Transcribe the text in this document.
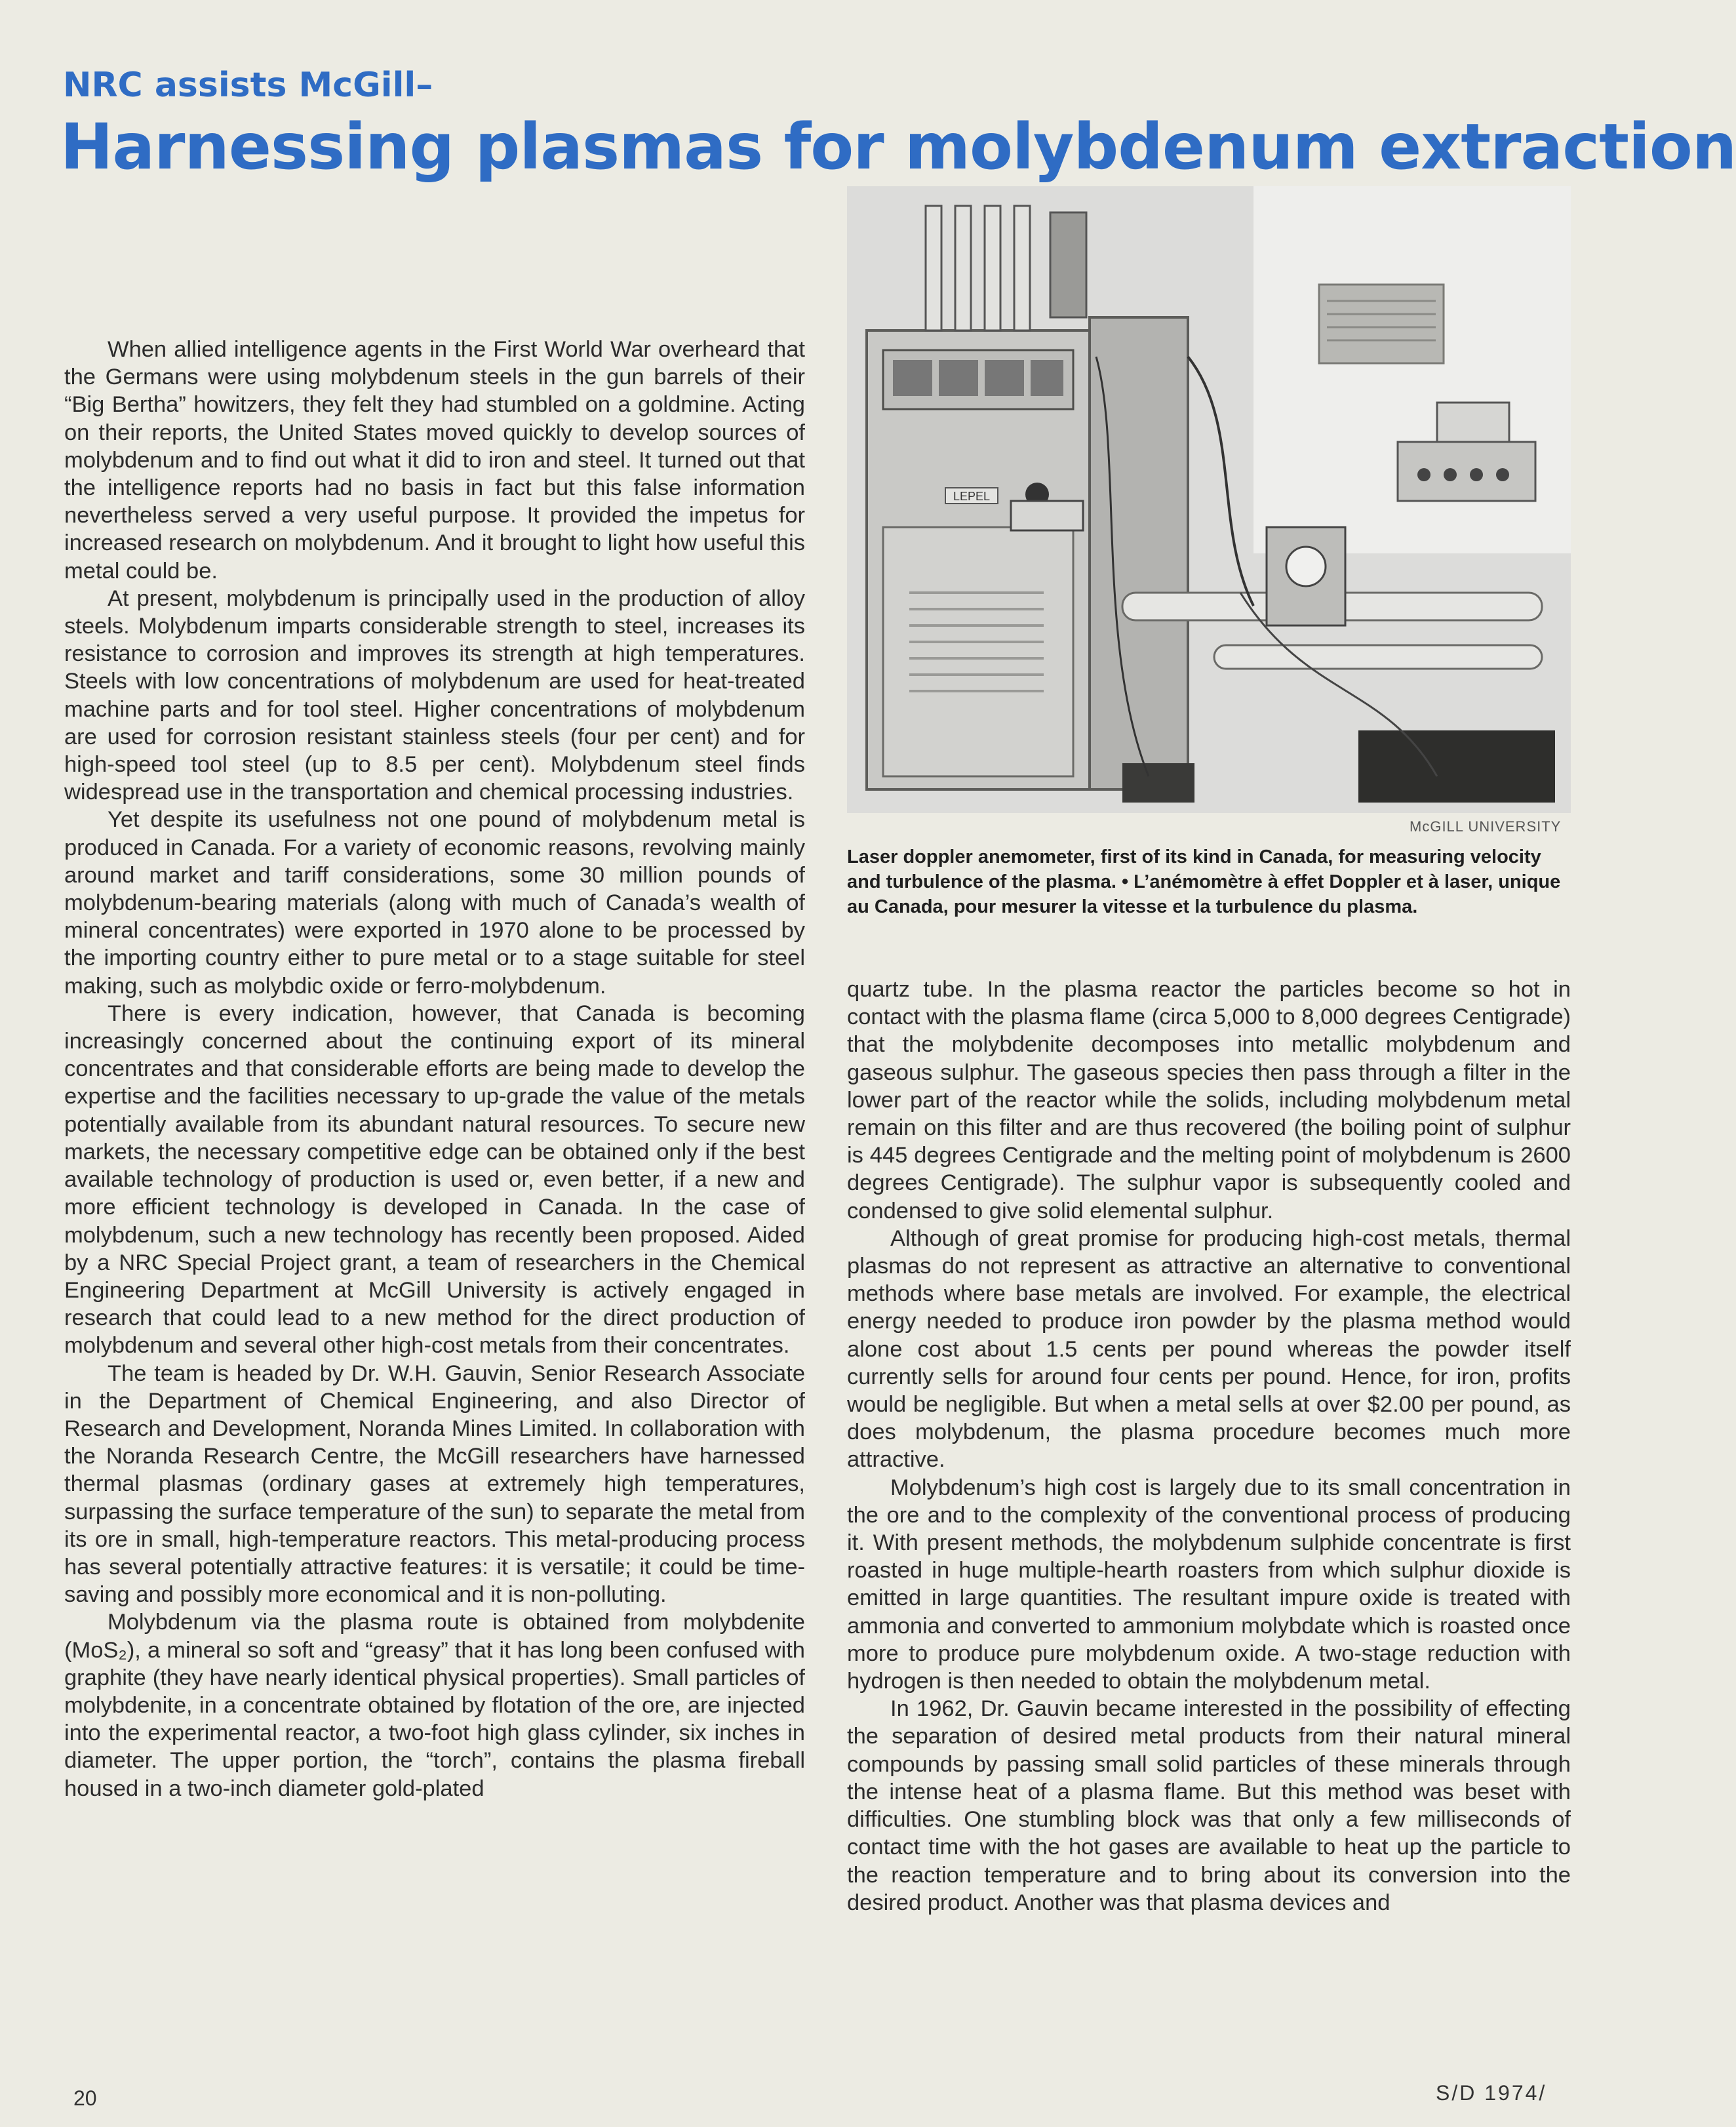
NRC assists McGill–
Harnessing plasmas for molybdenum extraction
LEPEL
McGILL UNIVERSITY
Laser doppler anemometer, first of its kind in Canada, for measuring velocity and turbulence of the plasma. • L’anémomètre à effet Doppler et à laser, unique au Canada, pour mesurer la vitesse et la turbulence du plasma.

When allied intelligence agents in the First World War overheard that the Germans were using molybdenum steels in the gun barrels of their “Big Bertha” howitzers, they felt they had stumbled on a goldmine. Acting on their reports, the United States moved quickly to develop sources of molybdenum and to find out what it did to iron and steel. It turned out that the intelligence reports had no basis in fact but this false information nevertheless served a very useful purpose. It provided the impetus for increased research on molybdenum. And it brought to light how useful this metal could be.

At present, molybdenum is principally used in the production of alloy steels. Molybdenum imparts considerable strength to steel, increases its resistance to corrosion and improves its strength at high temperatures. Steels with low concentrations of molybdenum are used for heat-treated machine parts and for tool steel. Higher concentrations of molybdenum are used for corrosion resistant stainless steels (four per cent) and for high-speed tool steel (up to 8.5 per cent). Molybdenum steel finds widespread use in the transportation and chemical processing industries.

Yet despite its usefulness not one pound of molybdenum metal is produced in Canada. For a variety of economic reasons, revolving mainly around market and tariff considerations, some 30 million pounds of molybdenum-bearing materials (along with much of Canada’s wealth of mineral concentrates) were exported in 1970 alone to be processed by the importing country either to pure metal or to a stage suitable for steel making, such as molybdic oxide or ferro-molybdenum.

There is every indication, however, that Canada is becoming increasingly concerned about the continuing export of its mineral concentrates and that considerable efforts are being made to develop the expertise and the facilities necessary to up-grade the value of the metals potentially available from its abundant natural resources. To secure new markets, the necessary competitive edge can be obtained only if the best available technology of production is used or, even better, if a new and more efficient technology is developed in Canada. In the case of molybdenum, such a new technology has recently been proposed. Aided by a NRC Special Project grant, a team of researchers in the Chemical Engineering Department at McGill University is actively engaged in research that could lead to a new method for the direct production of molybdenum and several other high-cost metals from their concentrates.

The team is headed by Dr. W.H. Gauvin, Senior Research Associate in the Department of Chemical Engineering, and also Director of Research and Development, Noranda Mines Limited. In collaboration with the Noranda Research Centre, the McGill researchers have harnessed thermal plasmas (ordinary gases at extremely high temperatures, surpassing the surface temperature of the sun) to separate the metal from its ore in small, high-temperature reactors. This metal-producing process has several potentially attractive features: it is versatile; it could be time-saving and possibly more economical and it is non-polluting.

Molybdenum via the plasma route is obtained from molybdenite (MoS₂), a mineral so soft and “greasy” that it has long been confused with graphite (they have nearly identical physical properties). Small particles of molybdenite, in a concentrate obtained by flotation of the ore, are injected into the experimental reactor, a two-foot high glass cylinder, six inches in diameter. The upper portion, the “torch”, contains the plasma fireball housed in a two-inch diameter gold-plated

quartz tube. In the plasma reactor the particles become so hot in contact with the plasma flame (circa 5,000 to 8,000 degrees Centigrade) that the molybdenite decomposes into metallic molybdenum and gaseous sulphur. The gaseous species then pass through a filter in the lower part of the reactor while the solids, including molybdenum metal remain on this filter and are thus recovered (the boiling point of sulphur is 445 degrees Centigrade and the melting point of molybdenum is 2600 degrees Centigrade). The sulphur vapor is subsequently cooled and condensed to give solid elemental sulphur.

Although of great promise for producing high-cost metals, thermal plasmas do not represent as attractive an alternative to conventional methods where base metals are involved. For example, the electrical energy needed to produce iron powder by the plasma method would alone cost about 1.5 cents per pound whereas the powder itself currently sells for around four cents per pound. Hence, for iron, profits would be negligible. But when a metal sells at over $2.00 per pound, as does molybdenum, the plasma procedure becomes much more attractive.

Molybdenum’s high cost is largely due to its small concentration in the ore and to the complexity of the conventional process of producing it. With present methods, the molybdenum sulphide concentrate is first roasted in huge multiple-hearth roasters from which sulphur dioxide is emitted in large quantities. The resultant impure oxide is treated with ammonia and converted to ammonium molybdate which is roasted once more to produce pure molybdenum oxide. A two-stage reduction with hydrogen is then needed to obtain the molybdenum metal.

In 1962, Dr. Gauvin became interested in the possibility of effecting the separation of desired metal products from their natural mineral compounds by passing small solid particles of these minerals through the intense heat of a plasma flame. But this method was beset with difficulties. One stumbling block was that only a few milliseconds of contact time with the hot gases are available to heat up the particle to the reaction temperature and to bring about its conversion into the desired product. Another was that plasma devices and

20	S/D 1974/
